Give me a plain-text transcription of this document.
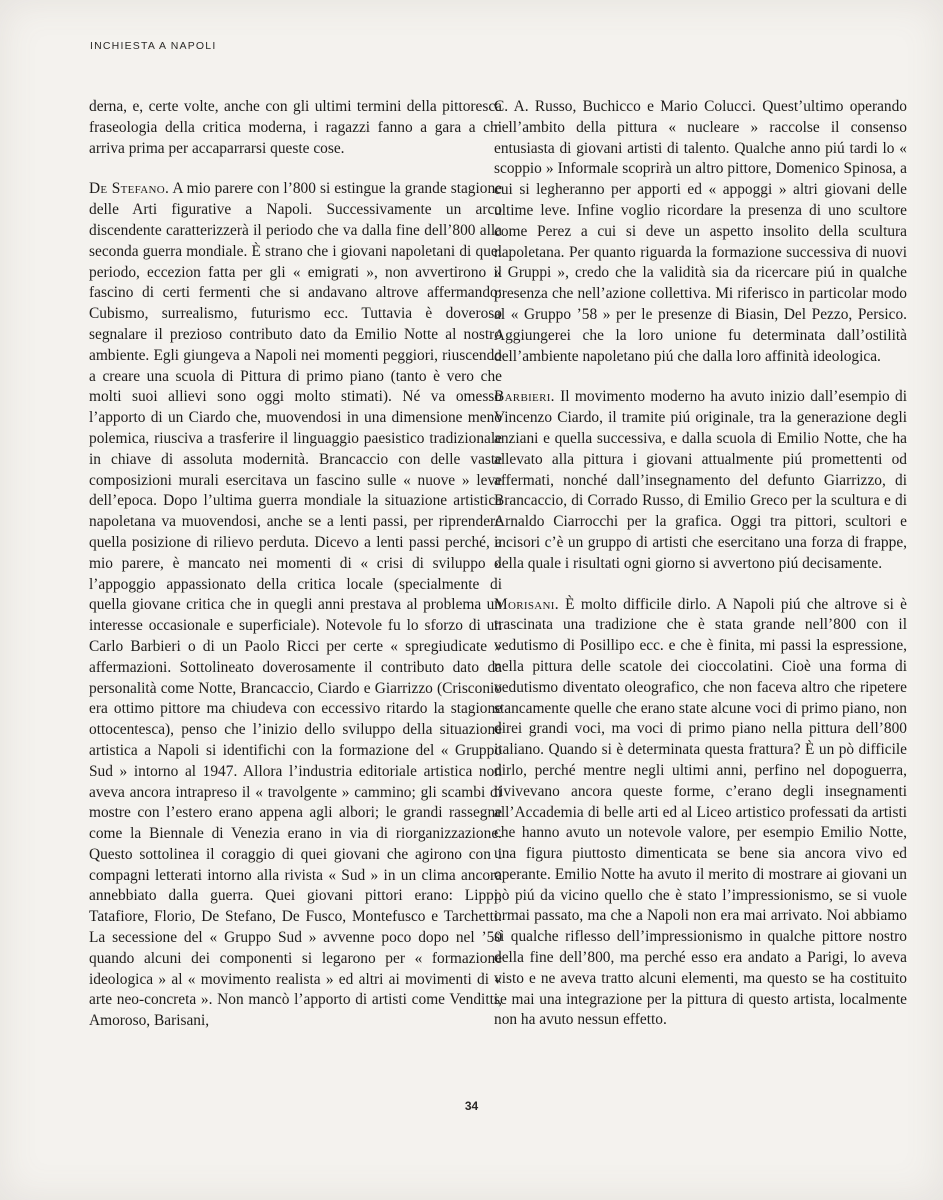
INCHIESTA A NAPOLI

derna, e, certe volte, anche con gli ultimi termini della pittoresca fraseologia della critica moderna, i ragazzi fanno a gara a chi arriva prima per accaparrarsi queste cose.

De Stefano. A mio parere con l’800 si estingue la grande stagione delle Arti figurative a Napoli. Successivamente un arco discendente caratterizzerà il periodo che va dalla fine dell’800 alla seconda guerra mondiale. È strano che i giovani napoletani di quel periodo, eccezion fatta per gli « emigrati », non avvertirono il fascino di certi fermenti che si andavano altrove affermando: Cubismo, surrealismo, futurismo ecc. Tuttavia è doveroso segnalare il prezioso contributo dato da Emilio Notte al nostro ambiente. Egli giungeva a Napoli nei momenti peggiori, riuscendo a creare una scuola di Pittura di primo piano (tanto è vero che molti suoi allievi sono oggi molto stimati). Né va omesso l’apporto di un Ciardo che, muovendosi in una dimensione meno polemica, riusciva a trasferire il linguaggio paesistico tradizionale in chiave di assoluta modernità. Brancaccio con delle vaste composizioni murali esercitava un fascino sulle « nuove » leve dell’epoca. Dopo l’ultima guerra mondiale la situazione artistica napoletana va muovendosi, anche se a lenti passi, per riprendere quella posizione di rilievo perduta. Dicevo a lenti passi perché, a mio parere, è mancato nei momenti di « crisi di sviluppo » l’appoggio appassionato della critica locale (specialmente di quella giovane critica che in quegli anni prestava al problema un interesse occasionale e superficiale). Notevole fu lo sforzo di un Carlo Barbieri o di un Paolo Ricci per certe « spregiudicate » affermazioni. Sottolineato doverosamente il contributo dato da personalità come Notte, Brancaccio, Ciardo e Giarrizzo (Crisconio era ottimo pittore ma chiudeva con eccessivo ritardo la stagione ottocentesca), penso che l’inizio dello sviluppo della situazione artistica a Napoli si identifichi con la formazione del « Gruppo Sud » intorno al 1947. Allora l’industria editoriale artistica non aveva ancora intrapreso il « travolgente » cammino; gli scambi di mostre con l’estero erano appena agli albori; le grandi rassegne come la Biennale di Venezia erano in via di riorganizzazione. Questo sottolinea il coraggio di quei giovani che agirono con i compagni letterati intorno alla rivista « Sud » in un clima ancora annebbiato dalla guerra. Quei giovani pittori erano: Lippi, Tatafiore, Florio, De Stefano, De Fusco, Montefusco e Tarchetti. La secessione del « Gruppo Sud » avvenne poco dopo nel ’50 quando alcuni dei componenti si legarono per « formazione ideologica » al « movimento realista » ed altri ai movimenti di « arte neo-concreta ». Non mancò l’apporto di artisti come Venditti, Amoroso, Barisani,

C. A. Russo, Buchicco e Mario Colucci. Quest’ultimo operando nell’ambito della pittura « nucleare » raccolse il consenso entusiasta di giovani artisti di talento. Qualche anno piú tardi lo « scoppio » Informale scoprirà un altro pittore, Domenico Spinosa, a cui si legheranno per apporti ed « appoggi » altri giovani delle ultime leve. Infine voglio ricordare la presenza di uno scultore come Perez a cui si deve un aspetto insolito della scultura napoletana. Per quanto riguarda la formazione successiva di nuovi « Gruppi », credo che la validità sia da ricercare piú in qualche presenza che nell’azione collettiva. Mi riferisco in particolar modo al « Gruppo ’58 » per le presenze di Biasin, Del Pezzo, Persico. Aggiungerei che la loro unione fu determinata dall’ostilità dell’ambiente napoletano piú che dalla loro affinità ideologica.

Barbieri. Il movimento moderno ha avuto inizio dall’esempio di Vincenzo Ciardo, il tramite piú originale, tra la generazione degli anziani e quella successiva, e dalla scuola di Emilio Notte, che ha allevato alla pittura i giovani attualmente piú promettenti od affermati, nonché dall’insegnamento del defunto Giarrizzo, di Brancaccio, di Corrado Russo, di Emilio Greco per la scultura e di Arnaldo Ciarrocchi per la grafica. Oggi tra pittori, scultori e incisori c’è un gruppo di artisti che esercitano una forza di frappe, della quale i risultati ogni giorno si avvertono piú decisamente.

Morisani. È molto difficile dirlo. A Napoli piú che altrove si è trascinata una tradizione che è stata grande nell’800 con il vedutismo di Posillipo ecc. e che è finita, mi passi la espressione, nella pittura delle scatole dei cioccolatini. Cioè una forma di vedutismo diventato oleografico, che non faceva altro che ripetere stancamente quelle che erano state alcune voci di primo piano, non direi grandi voci, ma voci di primo piano nella pittura dell’800 italiano. Quando si è determinata questa frattura? È un pò difficile dirlo, perché mentre negli ultimi anni, perfino nel dopoguerra, rivivevano ancora queste forme, c’erano degli insegnamenti all’Accademia di belle arti ed al Liceo artistico professati da artisti che hanno avuto un notevole valore, per esempio Emilio Notte, una figura piuttosto dimenticata se bene sia ancora vivo ed operante. Emilio Notte ha avuto il merito di mostrare ai giovani un pò piú da vicino quello che è stato l’impressionismo, se si vuole ormai passato, ma che a Napoli non era mai arrivato. Noi abbiamo sì qualche riflesso dell’impressionismo in qualche pittore nostro della fine dell’800, ma perché esso era andato a Parigi, lo aveva visto e ne aveva tratto alcuni elementi, ma questo se ha costituito se mai una integrazione per la pittura di questo artista, localmente non ha avuto nessun effetto.

34
